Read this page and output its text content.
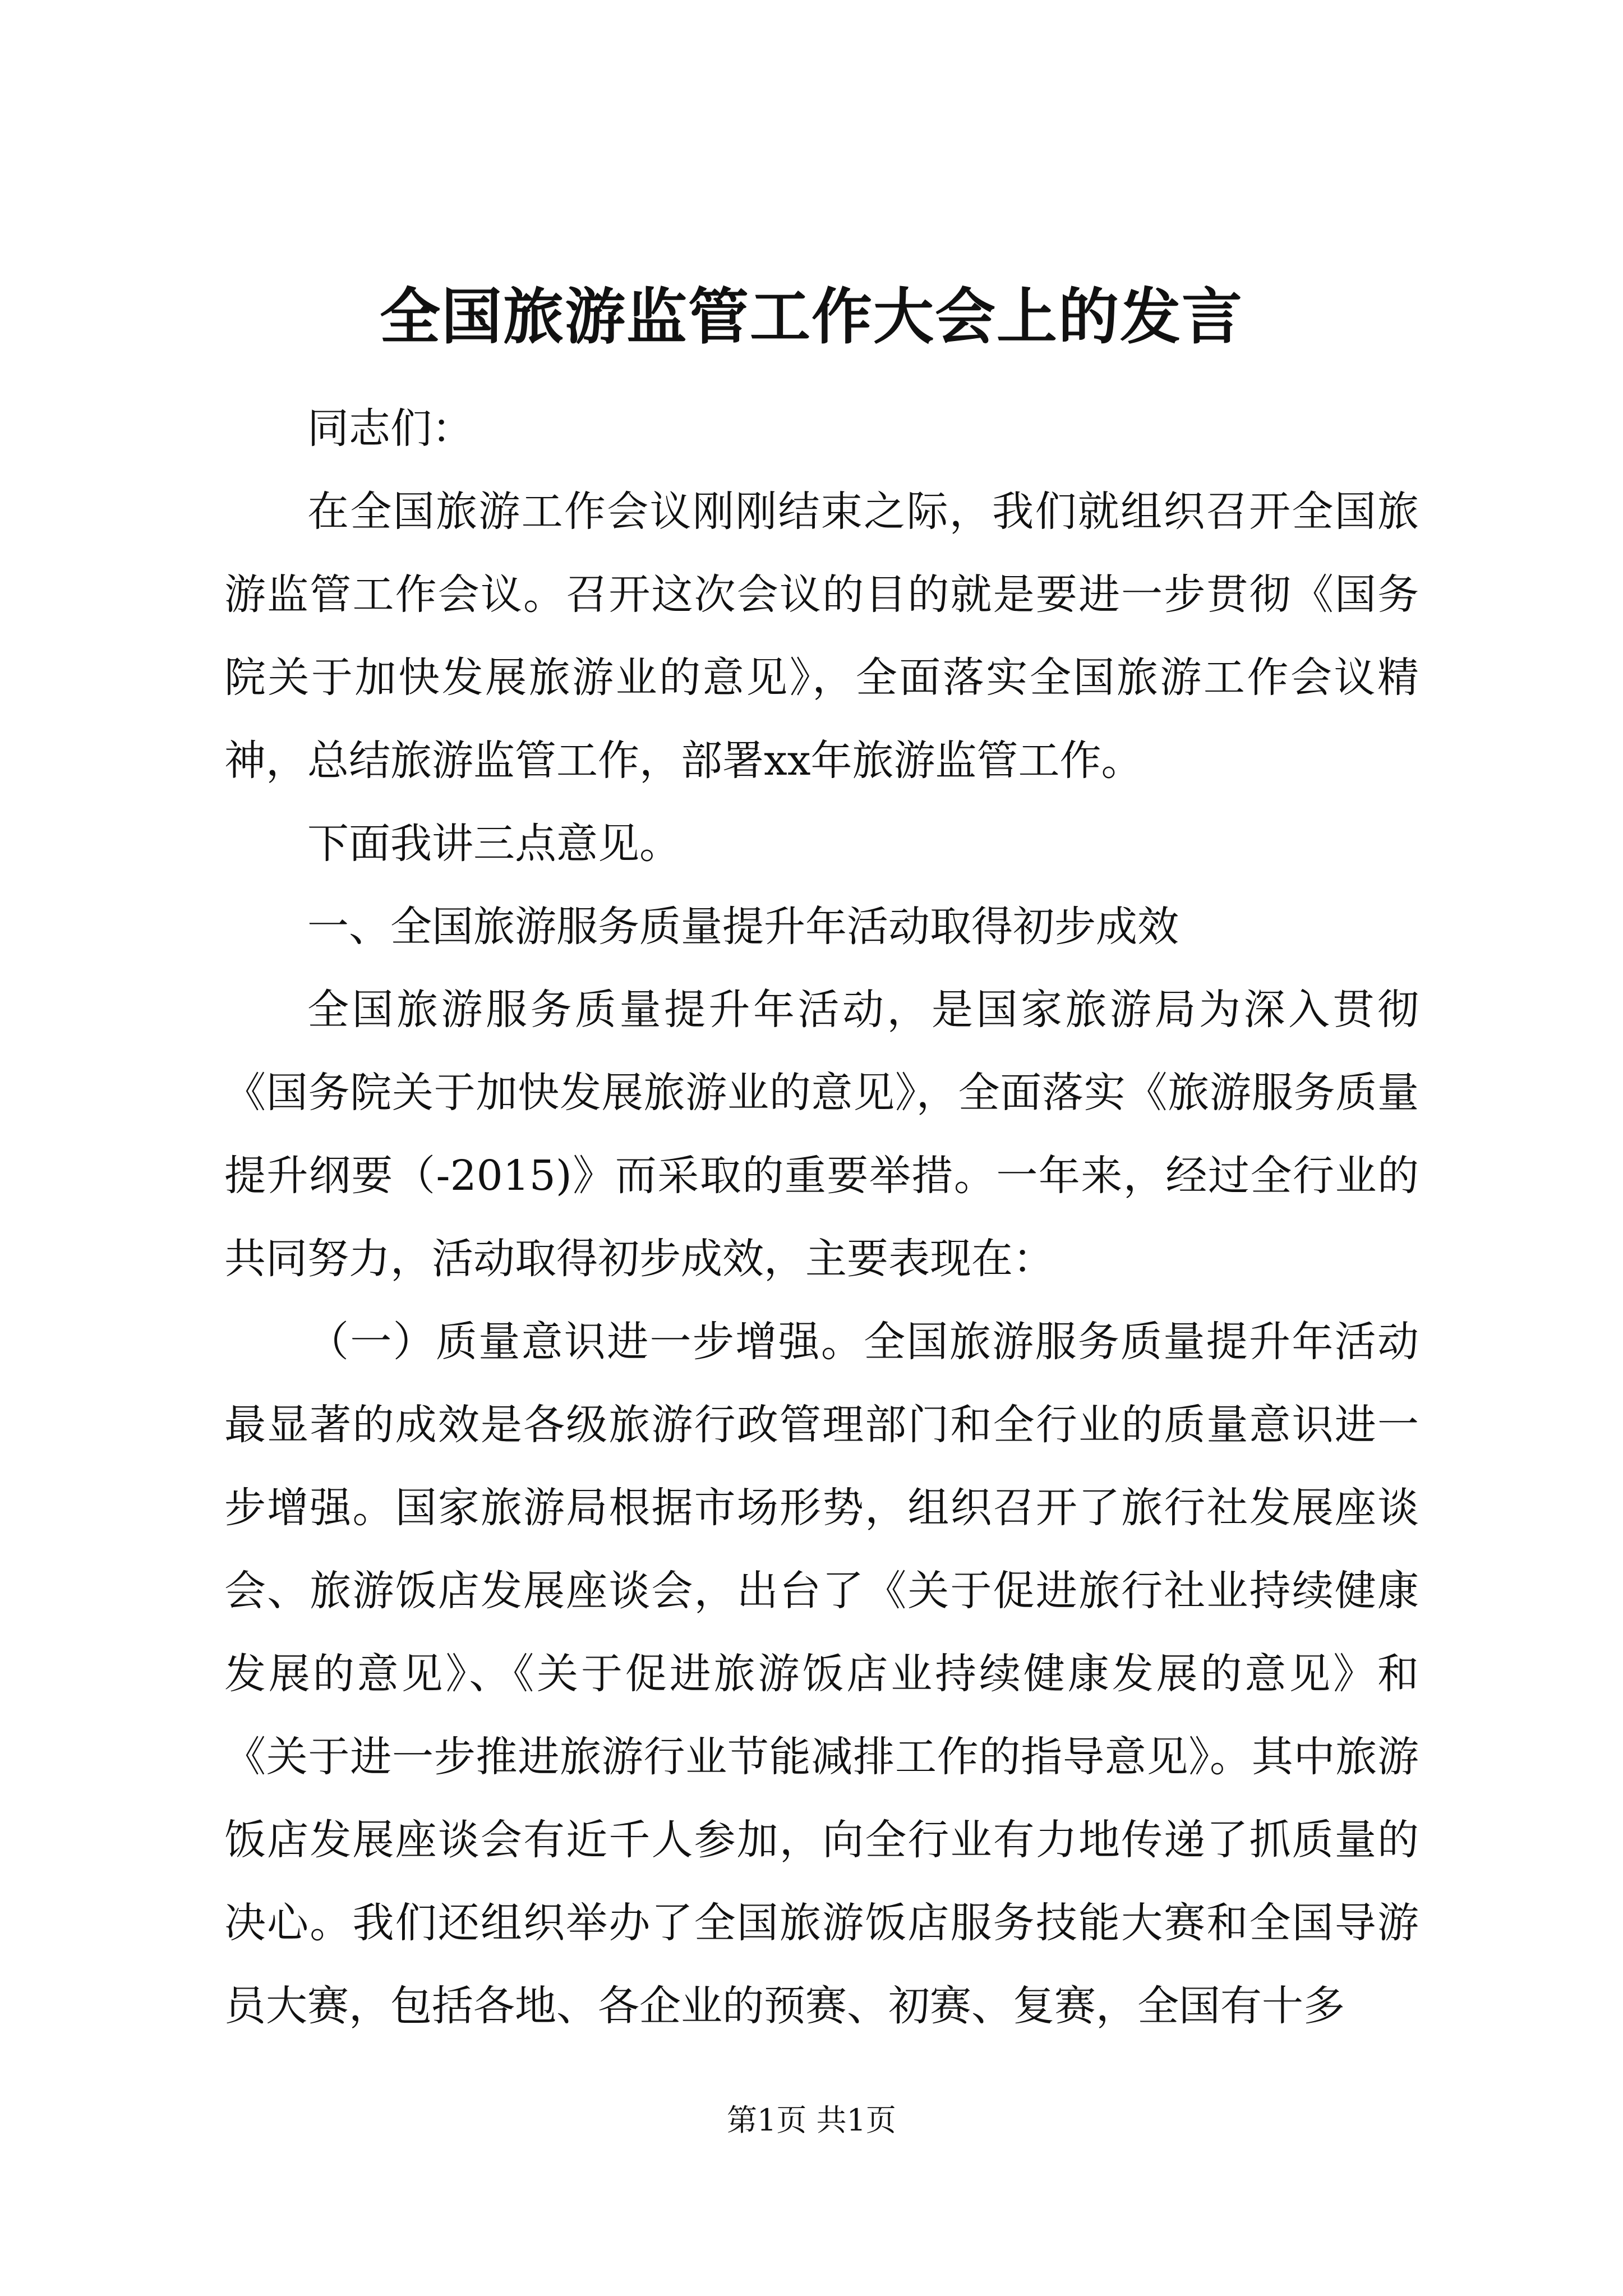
全国旅游监管工作大会上的发言

同志们：

在全国旅游工作会议刚刚结束之际，我们就组织召开全国旅游监管工作会议。召开这次会议的目的就是要进一步贯彻《国务院关于加快发展旅游业的意见》，全面落实全国旅游工作会议精神，总结旅游监管工作，部署xx年旅游监管工作。

下面我讲三点意见。

一、全国旅游服务质量提升年活动取得初步成效

全国旅游服务质量提升年活动，是国家旅游局为深入贯彻《国务院关于加快发展旅游业的意见》，全面落实《旅游服务质量提升纲要（-2015)》而采取的重要举措。一年来，经过全行业的共同努力，活动取得初步成效，主要表现在：

（一）质量意识进一步增强。全国旅游服务质量提升年活动最显著的成效是各级旅游行政管理部门和全行业的质量意识进一步增强。国家旅游局根据市场形势，组织召开了旅行社发展座谈会、旅游饭店发展座谈会，出台了《关于促进旅行社业持续健康发展的意见》、《关于促进旅游饭店业持续健康发展的意见》和《关于进一步推进旅游行业节能减排工作的指导意见》。其中旅游饭店发展座谈会有近千人参加，向全行业有力地传递了抓质量的决心。我们还组织举办了全国旅游饭店服务技能大赛和全国导游员大赛，包括各地、各企业的预赛、初赛、复赛，全国有十多

第1页 共1页
